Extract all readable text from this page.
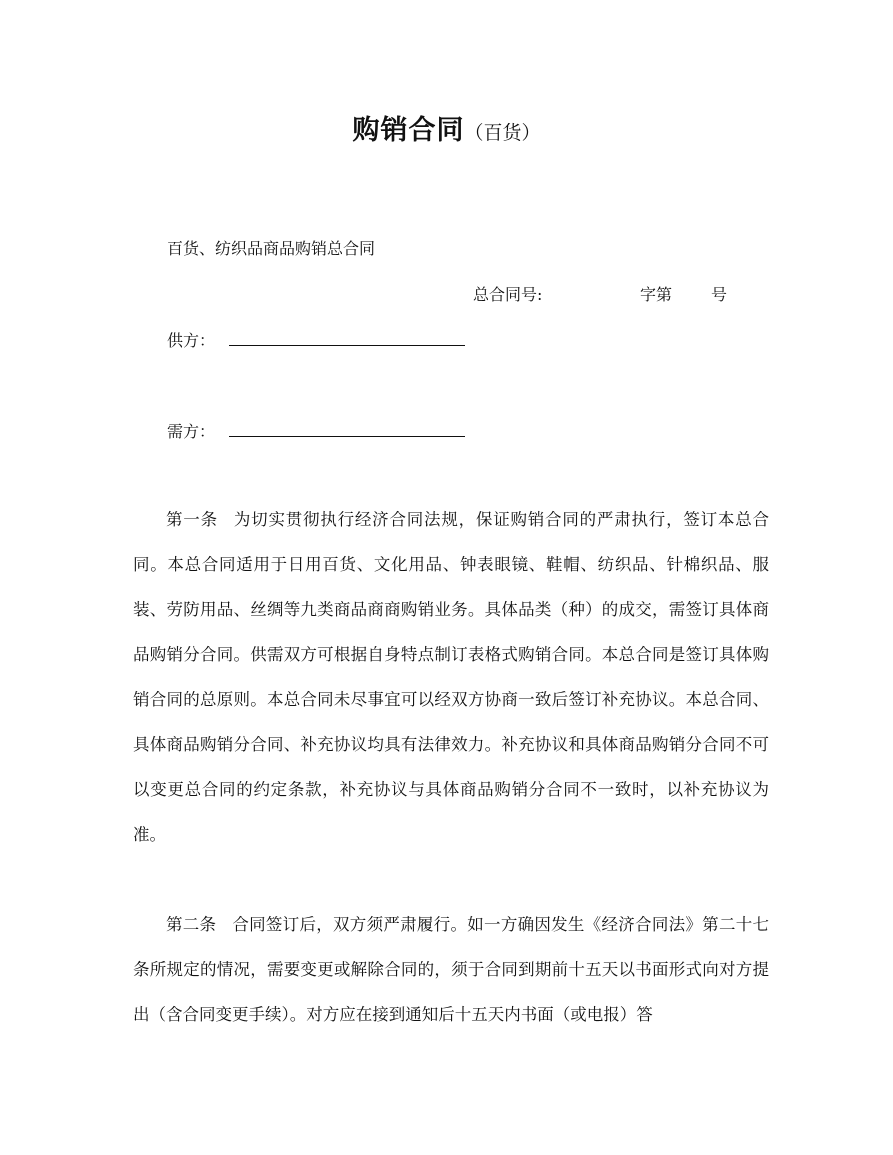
购销合同（百货）
百货、纺织品商品购销总合同
总合同号:	字第 号
供方：
需方：
第一条 为切实贯彻执行经济合同法规，保证购销合同的严肃执行，签订本总合同。本总合同适用于日用百货、文化用品、钟表眼镜、鞋帽、纺织品、针棉织品、服装、劳防用品、丝绸等九类商品商商购销业务。具体品类（种）的成交，需签订具体商品购销分合同。供需双方可根据自身特点制订表格式购销合同。本总合同是签订具体购销合同的总原则。本总合同未尽事宜可以经双方协商一致后签订补充协议。本总合同、具体商品购销分合同、补充协议均具有法律效力。补充协议和具体商品购销分合同不可以变更总合同的约定条款，补充协议与具体商品购销分合同不一致时，以补充协议为准。
第二条 合同签订后，双方须严肃履行。如一方确因发生《经济合同法》第二十七条所规定的情况，需要变更或解除合同的，须于合同到期前十五天以书面形式向对方提出（含合同变更手续）。对方应在接到通知后十五天内书面（或电报）答
